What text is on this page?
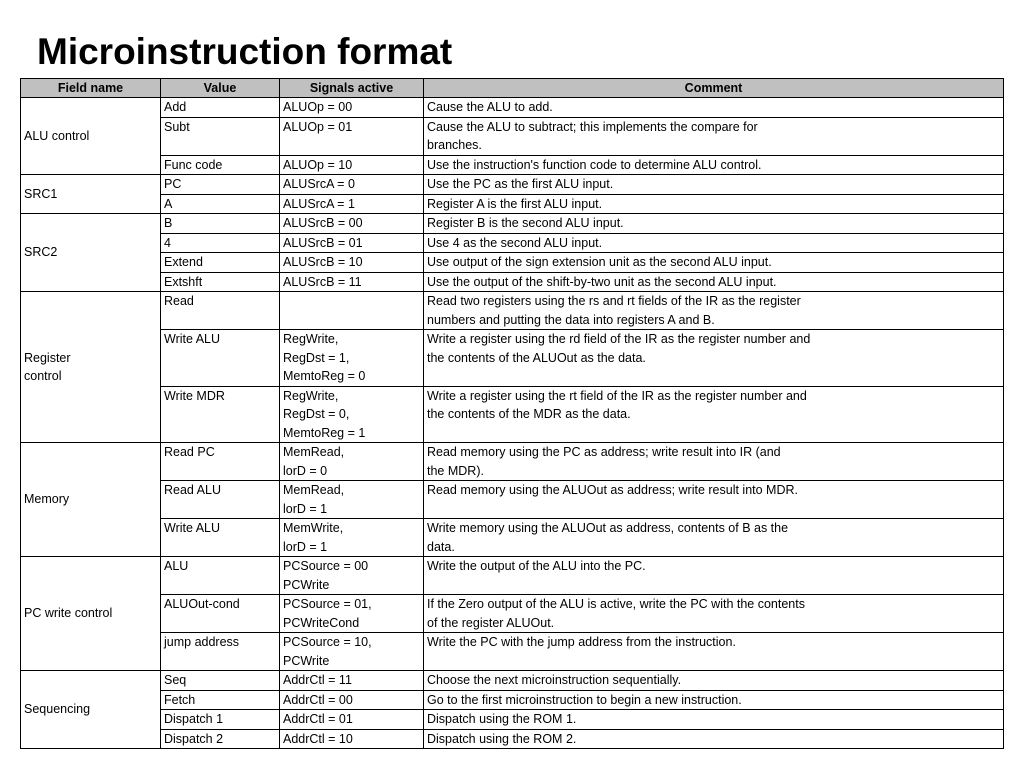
Microinstruction format
Field name	Value	Signals active	Comment

ALU control	Add	ALUOp = 00	Cause the ALU to add.

	Subt	ALUOp = 01	Cause the ALU to subtract; this implements the compare for
branches.

	Func code	ALUOp = 10	Use the instruction's function code to determine ALU control.

SRC1	PC	ALUSrcA = 0	Use the PC as the first ALU input.

	A	ALUSrcA = 1	Register A is the first ALU input.

SRC2	B	ALUSrcB = 00	Register B is the second ALU input.

	4	ALUSrcB = 01	Use 4 as the second ALU input.

	Extend	ALUSrcB = 10	Use output of the sign extension unit as the second ALU input.

	Extshft	ALUSrcB = 11	Use the output of the shift-by-two unit as the second ALU input.

Register
control	Read		Read two registers using the rs and rt fields of the IR as the register
numbers and putting the data into registers A and B.

	Write ALU	RegWrite,
RegDst = 1,
MemtoReg = 0	Write a register using the rd field of the IR as the register number and
the contents of the ALUOut as the data.

	Write MDR	RegWrite,
RegDst = 0,
MemtoReg = 1	Write a register using the rt field of the IR as the register number and
the contents of the MDR as the data.

Memory	Read PC	MemRead,
lorD = 0	Read memory using the PC as address; write result into IR (and
the MDR).

	Read ALU	MemRead,
lorD = 1	Read memory using the ALUOut as address; write result into MDR.

	Write ALU	MemWrite,
lorD = 1	Write memory using the ALUOut as address, contents of B as the
data.

PC write control	ALU	PCSource = 00
PCWrite	Write the output of the ALU into the PC.

	ALUOut-cond	PCSource = 01,
PCWriteCond	If the Zero output of the ALU is active, write the PC with the contents
of the register ALUOut.

	jump address	PCSource = 10,
PCWrite	Write the PC with the jump address from the instruction.

Sequencing	Seq	AddrCtl = 11	Choose the next microinstruction sequentially.

	Fetch	AddrCtl = 00	Go to the first microinstruction to begin a new instruction.

	Dispatch 1	AddrCtl = 01	Dispatch using the ROM 1.

	Dispatch 2	AddrCtl = 10	Dispatch using the ROM 2.
